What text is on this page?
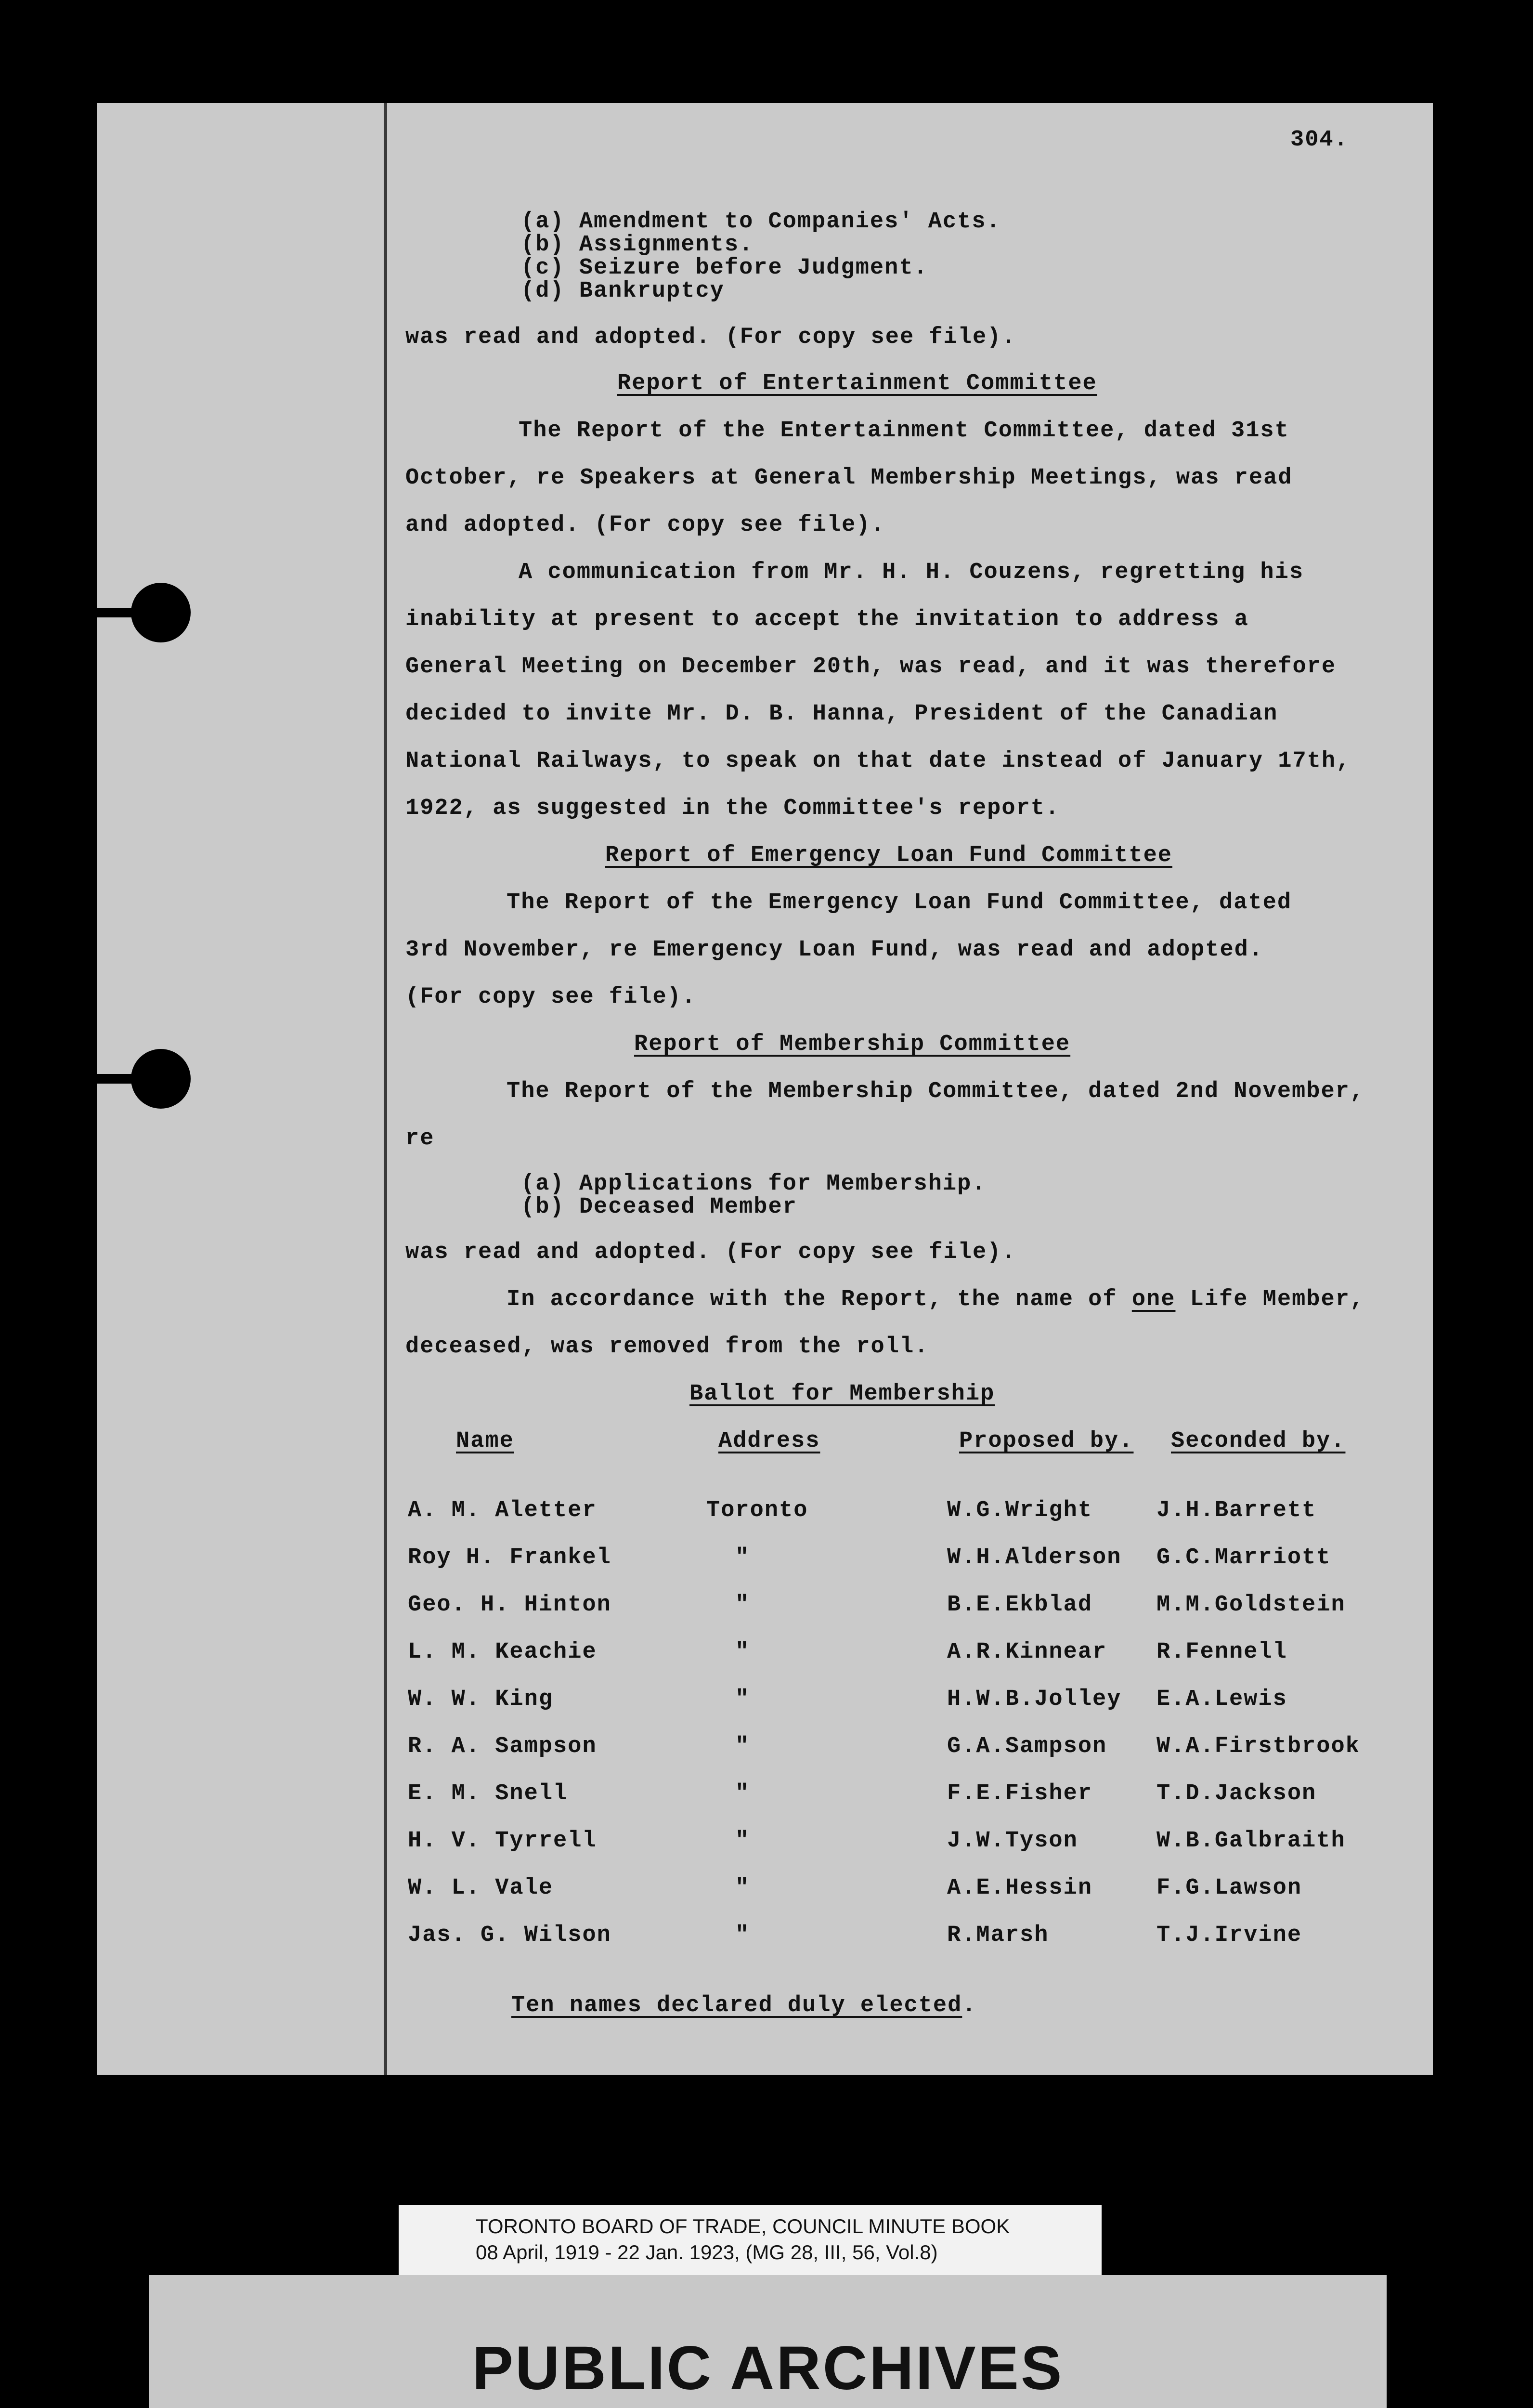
304.
(a) Amendment to Companies' Acts.
(b) Assignments.
(c) Seizure before Judgment.
(d) Bankruptcy
was read and adopted. (For copy see file).
Report of Entertainment Committee
The Report of the Entertainment Committee, dated 31st
October, re Speakers at General Membership Meetings, was read
and adopted. (For copy see file).
A communication from Mr. H. H. Couzens, regretting his
inability at present to accept the invitation to address a
General Meeting on December 20th, was read, and it was therefore
decided to invite Mr. D. B. Hanna, President of the Canadian
National Railways, to speak on that date instead of January 17th,
1922, as suggested in the Committee's report.
Report of Emergency Loan Fund Committee
The Report of the Emergency Loan Fund Committee, dated
3rd November, re Emergency Loan Fund, was read and adopted.
(For copy see file).
Report of Membership Committee
The Report of the Membership Committee, dated 2nd November,
re
(a) Applications for Membership.
(b) Deceased Member
was read and adopted. (For copy see file).
In accordance with the Report, the name of one Life Member,
deceased, was removed from the roll.
Ballot for Membership
Name	Address	Proposed by. Seconded by.
A. M. Aletter	Toronto	W.G.Wright	J.H.Barrett
Roy H. Frankel	"	W.H.Alderson G.C.Marriott
Geo. H. Hinton	"	B.E.Ekblad	M.M.Goldstein
L. M. Keachie	"	A.R.Kinnear R.Fennell
W. W. King	"	H.W.B.Jolley E.A.Lewis
R. A. Sampson	"	G.A.Sampson W.A.Firstbrook
E. M. Snell	"	F.E.Fisher	T.D.Jackson
H. V. Tyrrell	"	J.W.Tyson	W.B.Galbraith
W. L. Vale	"	A.E.Hessin	F.G.Lawson
Jas. G. Wilson	"	R.Marsh	T.J.Irvine
Ten names declared duly elected.
TORONTO BOARD OF TRADE, COUNCIL MINUTE BOOK
08 April, 1919 - 22 Jan. 1923, (MG 28, III, 56, Vol.8)
PUBLIC ARCHIVES
